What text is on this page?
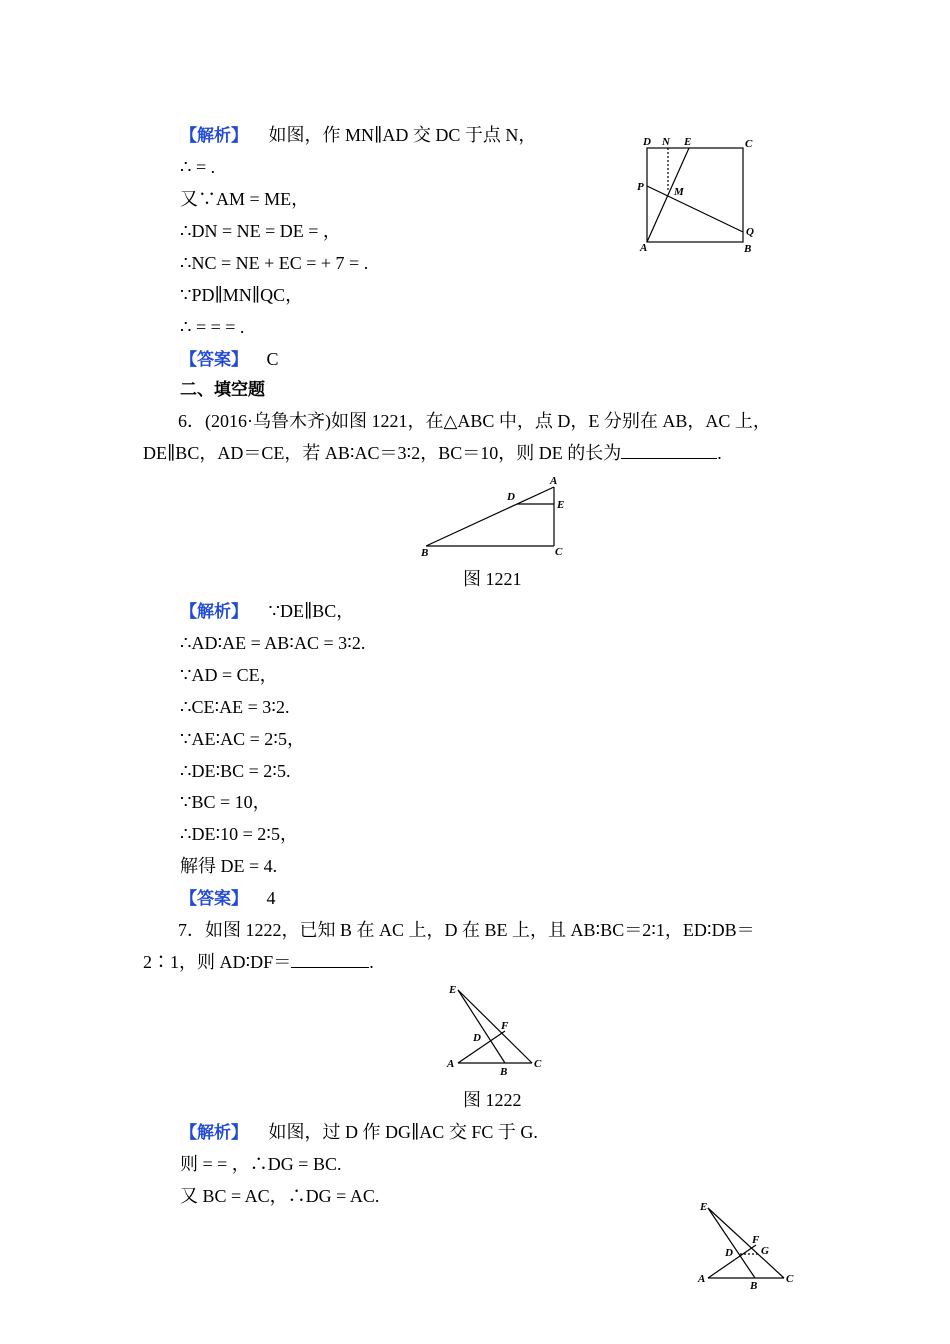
【解析】 如图，作 MN∥AD 交 DC 于点 N，
∴ = .
又∵AM = ME，
∴DN = NE = DE = ，
∴NC = NE + EC = + 7 = .
∵PD∥MN∥QC，
∴ = = = .
【答案】 C
D N E	C
P	M
A
Q
B
二、填空题
6．(2016·乌鲁木齐)如图 1221，在△ABC 中，点 D，E 分别在 AB，AC 上，
DE∥BC，AD＝CE，若 AB∶AC＝3∶2，BC＝10，则 DE 的长为	.
A
D
E
B	C
图 1221
【解析】 ∵DE∥BC，
∴AD∶AE = AB∶AC = 3∶2.
∵AD = CE，
∴CE∶AE = 3∶2.
∵AE∶AC = 2∶5，
∴DE∶BC = 2∶5.
∵BC = 10，
∴DE∶10 = 2∶5，
解得 DE = 4.
【答案】 4
7．如图 1222，已知 B 在 AC 上，D 在 BE 上，且 AB∶BC＝2∶1，ED∶DB＝
2∶1，则 AD∶DF＝	.
E
F
D
A
B
C
图 1222
【解析】 如图，过 D 作 DG∥AC 交 FC 于 G.
则 = = ，∴DG = BC.
又 BC = AC，∴DG = AC.
E
F
G
D
A
B
C
